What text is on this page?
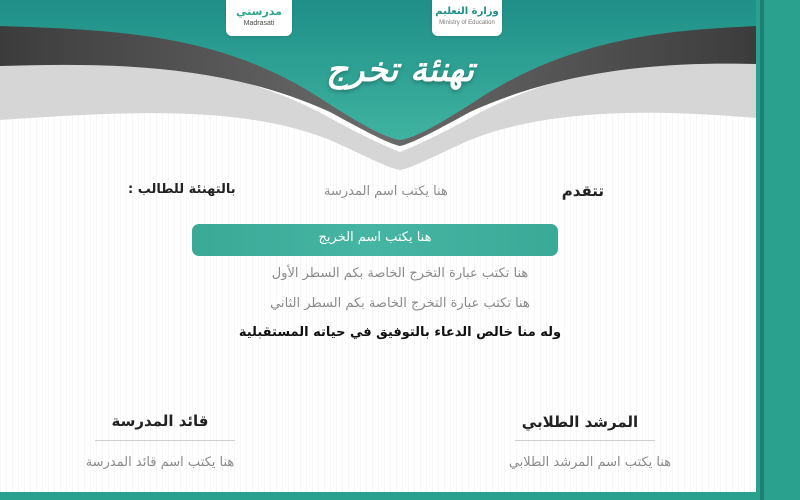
مدرستي
Madrasati
وزارة التعليم
Ministry of Education
تهنئة تخرج
تتقدم
هنا يكتب اسم المدرسة
بالتهنئة للطالب :
هنا يكتب اسم الخريج
هنا تكتب عبارة التخرج الخاصة بكم السطر الأول
هنا تكتب عبارة التخرج الخاصة بكم السطر الثاني
وله منا خالص الدعاء بالتوفيق في حياته المستقبلية
المرشد الطلابي
هنا يكتب اسم المرشد الطلابي
قائد المدرسة
هنا يكتب اسم قائد المدرسة
